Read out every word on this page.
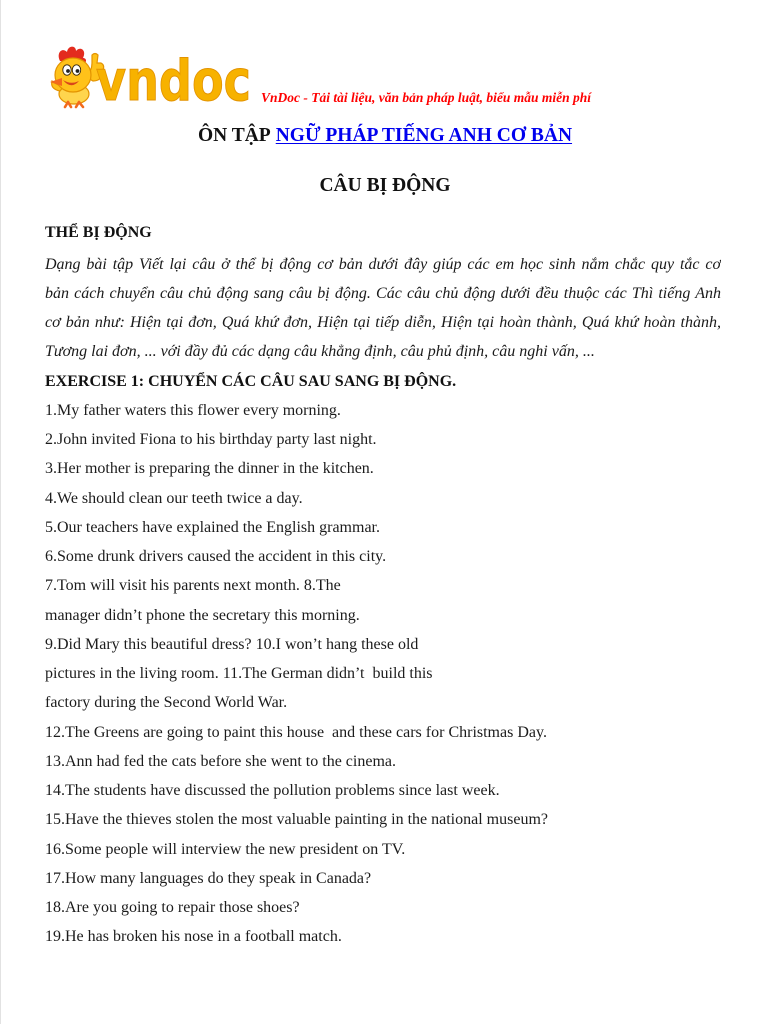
vndoc VnDoc - Tải tài liệu, văn bản pháp luật, biểu mẫu miễn phí
ÔN TẬP NGỮ PHÁP TIẾNG ANH CƠ BẢN
CÂU BỊ ĐỘNG
THỂ BỊ ĐỘNG
Dạng bài tập Viết lại câu ở thể bị động cơ bản dưới đây giúp các em học sinh nắm chắc quy tắc cơ
bản cách chuyển câu chủ động sang câu bị động. Các câu chủ động dưới đều thuộc các Thì tiếng Anh
cơ bản như: Hiện tại đơn, Quá khứ đơn, Hiện tại tiếp diễn, Hiện tại hoàn thành, Quá khứ hoàn thành,
Tương lai đơn, ... với đầy đủ các dạng câu khẳng định, câu phủ định, câu nghi vấn, ...
EXERCISE 1: CHUYỂN CÁC CÂU SAU SANG BỊ ĐỘNG.
1.My father waters this flower every morning.
2.John invited Fiona to his birthday party last night.
3.Her mother is preparing the dinner in the kitchen.
4.We should clean our teeth twice a day.
5.Our teachers have explained the English grammar.
6.Some drunk drivers caused the accident in this city.
7.Tom will visit his parents next month. 8.The
manager didn’t phone the secretary this morning.
9.Did Mary this beautiful dress? 10.I won’t hang these old
pictures in the living room. 11.The German didn’t  build this
factory during the Second World War.
12.The Greens are going to paint this house  and these cars for Christmas Day.
13.Ann had fed the cats before she went to the cinema.
14.The students have discussed the pollution problems since last week.
15.Have the thieves stolen the most valuable painting in the national museum?
16.Some people will interview the new president on TV.
17.How many languages do they speak in Canada?
18.Are you going to repair those shoes?
19.He has broken his nose in a football match.
